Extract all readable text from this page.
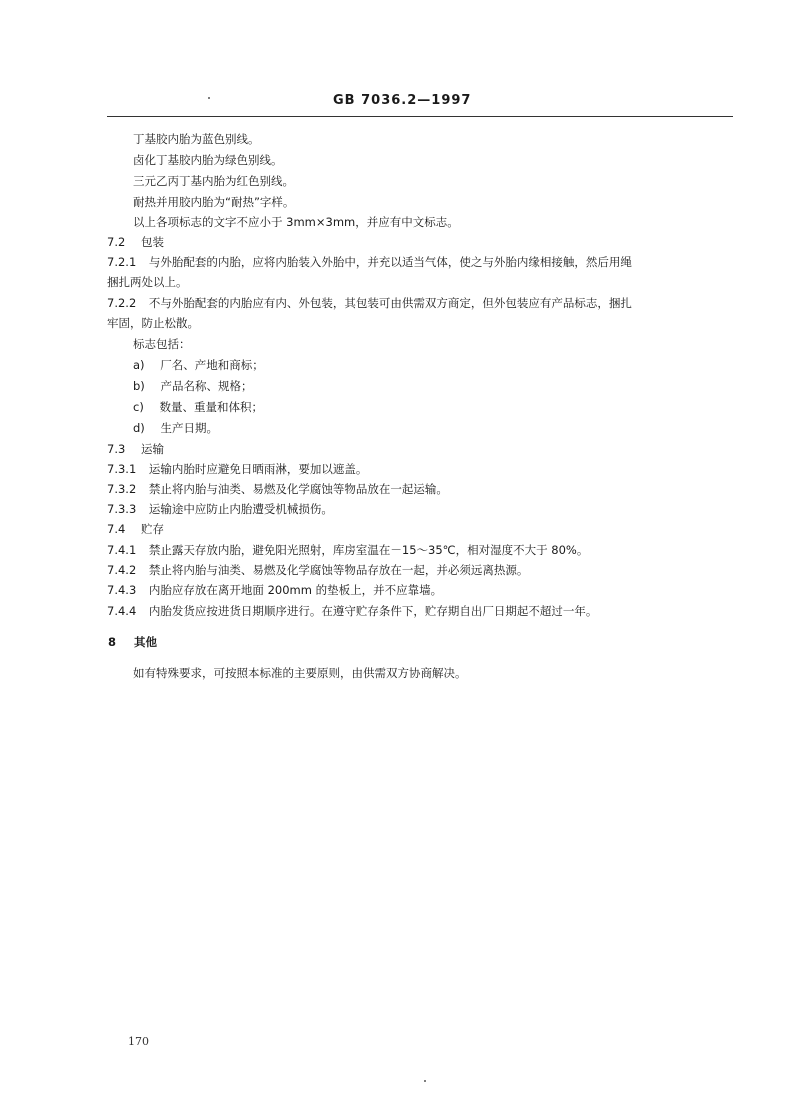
GB 7036.2—1997
丁基胶内胎为蓝色别线。
卤化丁基胶内胎为绿色别线。
三元乙丙丁基内胎为红色别线。
耐热并用胶内胎为“耐热”字样。
以上各项标志的文字不应小于 3mm×3mm，并应有中文标志。
7.2 包装
7.2.1 与外胎配套的内胎，应将内胎装入外胎中，并充以适当气体，使之与外胎内缘相接触，然后用绳
捆扎两处以上。
7.2.2 不与外胎配套的内胎应有内、外包装，其包装可由供需双方商定，但外包装应有产品标志，捆扎
牢固，防止松散。
标志包括：
a) 厂名、产地和商标；
b) 产品名称、规格；
c) 数量、重量和体积；
d) 生产日期。
7.3 运输
7.3.1 运输内胎时应避免日晒雨淋，要加以遮盖。
7.3.2 禁止将内胎与油类、易燃及化学腐蚀等物品放在一起运输。
7.3.3 运输途中应防止内胎遭受机械损伤。
7.4 贮存
7.4.1 禁止露天存放内胎，避免阳光照射，库房室温在－15～35℃，相对湿度不大于 80%。
7.4.2 禁止将内胎与油类、易燃及化学腐蚀等物品存放在一起，并必须远离热源。
7.4.3 内胎应存放在离开地面 200mm 的垫板上，并不应靠墙。
7.4.4 内胎发货应按进货日期顺序进行。在遵守贮存条件下，贮存期自出厂日期起不超过一年。
8 其他
如有特殊要求，可按照本标准的主要原则，由供需双方协商解决。
170
